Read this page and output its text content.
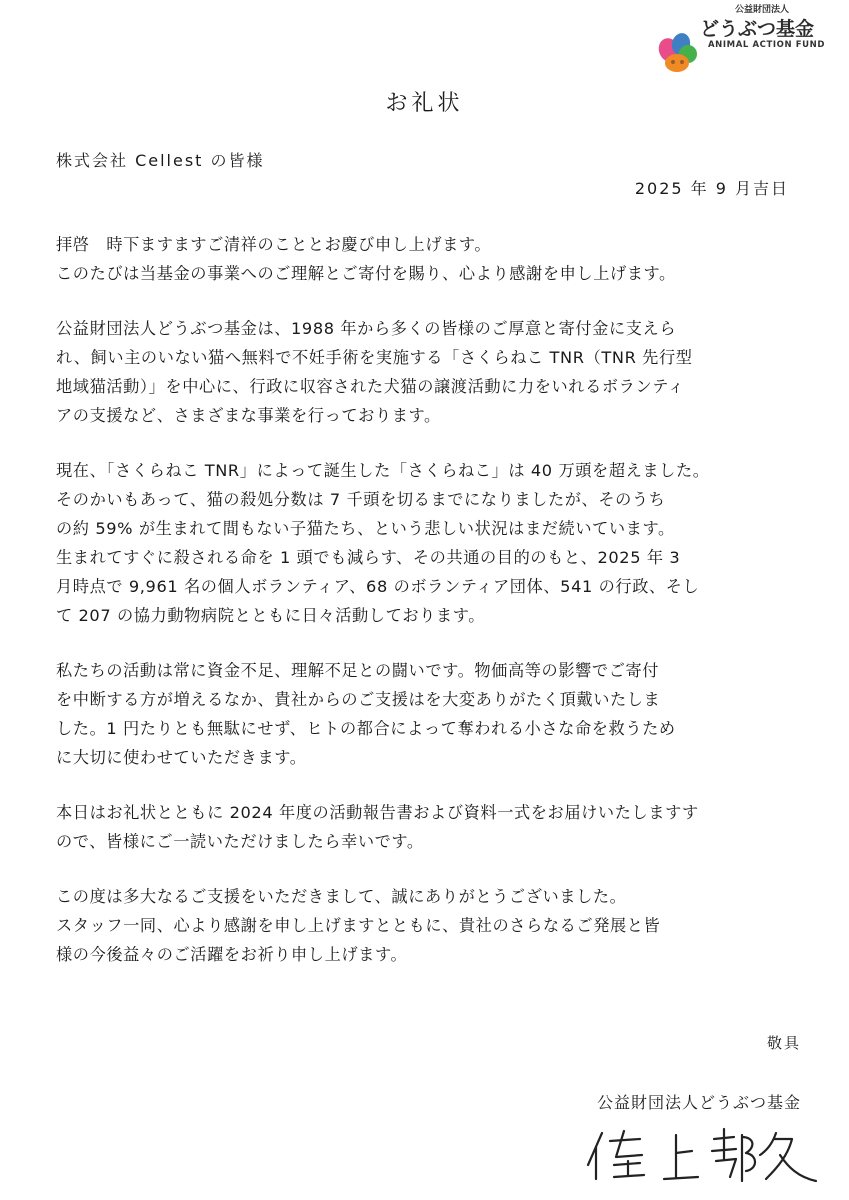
公益財団法人
どうぶつ基金
ANIMAL ACTION FUND
お礼状
株式会社 Cellest の皆様
2025 年 9 月吉日

拝啓　時下ますますご清祥のこととお慶び申し上げます。

このたびは当基金の事業へのご理解とご寄付を賜り、心より感謝を申し上げます。

公益財団法人どうぶつ基金は、1988 年から多くの皆様のご厚意と寄付金に支えら

れ、飼い主のいない猫へ無料で不妊手術を実施する「さくらねこ TNR（TNR 先行型

地域猫活動）」を中心に、行政に収容された犬猫の譲渡活動に力をいれるボランティ

アの支援など、さまざまな事業を行っております。

現在、「さくらねこ TNR」によって誕生した「さくらねこ」は 40 万頭を超えました。

そのかいもあって、猫の殺処分数は 7 千頭を切るまでになりましたが、そのうち

の約 59% が生まれて間もない子猫たち、という悲しい状況はまだ続いています。

生まれてすぐに殺される命を 1 頭でも減らす、その共通の目的のもと、2025 年 3

月時点で 9,961 名の個人ボランティア、68 のボランティア団体、541 の行政、そし

て 207 の協力動物病院とともに日々活動しております。

私たちの活動は常に資金不足、理解不足との闘いです。物価高等の影響でご寄付

を中断する方が増えるなか、貴社からのご支援はを大変ありがたく頂戴いたしま

した。1 円たりとも無駄にせず、ヒトの都合によって奪われる小さな命を救うため

に大切に使わせていただきます。

本日はお礼状とともに 2024 年度の活動報告書および資料一式をお届けいたしますす

ので、皆様にご一読いただけましたら幸いです。

この度は多大なるご支援をいただきまして、誠にありがとうございました。

スタッフ一同、心より感謝を申し上げますとともに、貴社のさらなるご発展と皆

様の今後益々のご活躍をお祈り申し上げます。

敬具
公益財団法人どうぶつ基金
